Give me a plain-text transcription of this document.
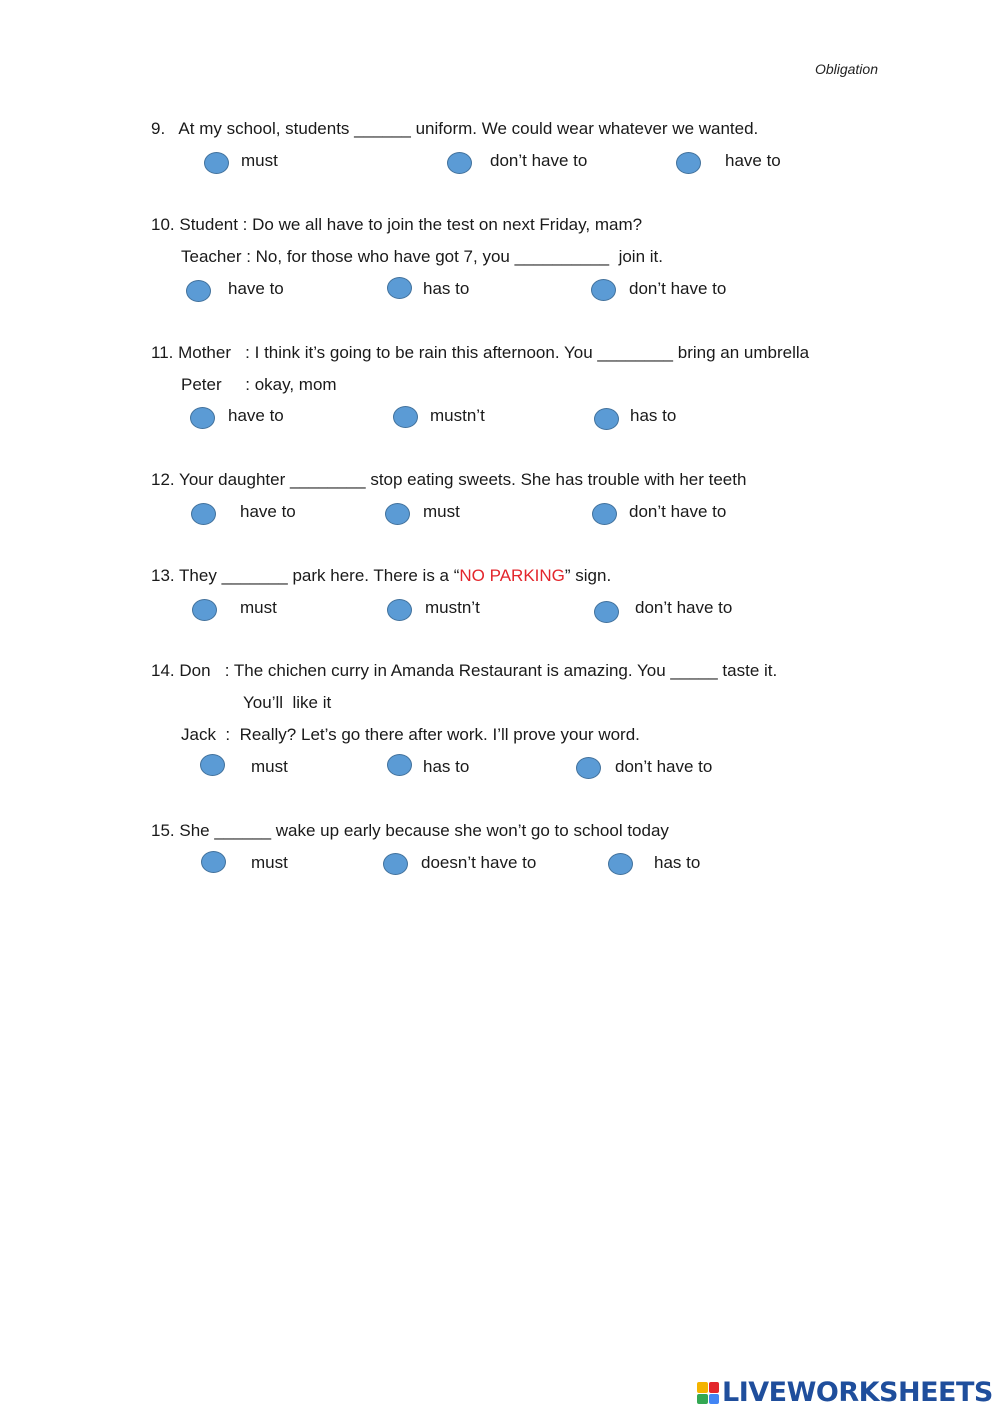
Obligation
9.   At my school, students ______ uniform. We could wear whatever we wanted.
must	don’t have to	have to
10. Student : Do we all have to join the test on next Friday, mam?
Teacher : No, for those who have got 7, you __________  join it.
have to	has to	don’t have to
11. Mother   : I think it’s going to be rain this afternoon. You ________ bring an umbrella
Peter     : okay, mom
have to	mustn’t	has to
12. Your daughter ________ stop eating sweets. She has trouble with her teeth
have to	must	don’t have to
13. They _______ park here. There is a “NO PARKING” sign.
must	mustn’t	don’t have to
14. Don   : The chichen curry in Amanda Restaurant is amazing. You _____ taste it.
You’ll  like it
Jack  :  Really? Let’s go there after work. I’ll prove your word.
must	has to	don’t have to
15. She ______ wake up early because she won’t go to school today
must	doesn’t have to	has to
LIVEWORKSHEETS
